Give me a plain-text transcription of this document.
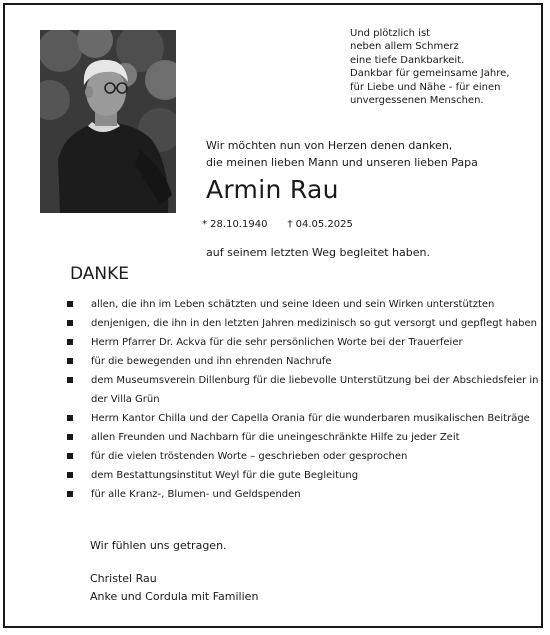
Und plötzlich ist
neben allem Schmerz
eine tiefe Dankbarkeit.
Dankbar für gemeinsame Jahre,
für Liebe und Nähe - für einen
unvergessenen Menschen.
Wir möchten nun von Herzen denen danken,
die meinen lieben Mann und unseren lieben Papa
Armin Rau
* 28.10.1940 † 04.05.2025
auf seinem letzten Weg begleitet haben.
DANKE
allen, die ihn im Leben schätzten und seine Ideen und sein Wirken unterstützten
denjenigen, die ihn in den letzten Jahren medizinisch so gut versorgt und gepflegt haben
Herrn Pfarrer Dr. Ackva für die sehr persönlichen Worte bei der Trauerfeier
für die bewegenden und ihn ehrenden Nachrufe
dem Museumsverein Dillenburg für die liebevolle Unterstützung bei der Abschiedsfeier in der Villa Grün
Herrn Kantor Chilla und der Capella Orania für die wunderbaren musikalischen Beiträge
allen Freunden und Nachbarn für die uneingeschränkte Hilfe zu jeder Zeit
für die vielen tröstenden Worte – geschrieben oder gesprochen
dem Bestattungsinstitut Weyl für die gute Begleitung
für alle Kranz-, Blumen- und Geldspenden
Wir fühlen uns getragen.
Christel Rau
Anke und Cordula mit Familien
